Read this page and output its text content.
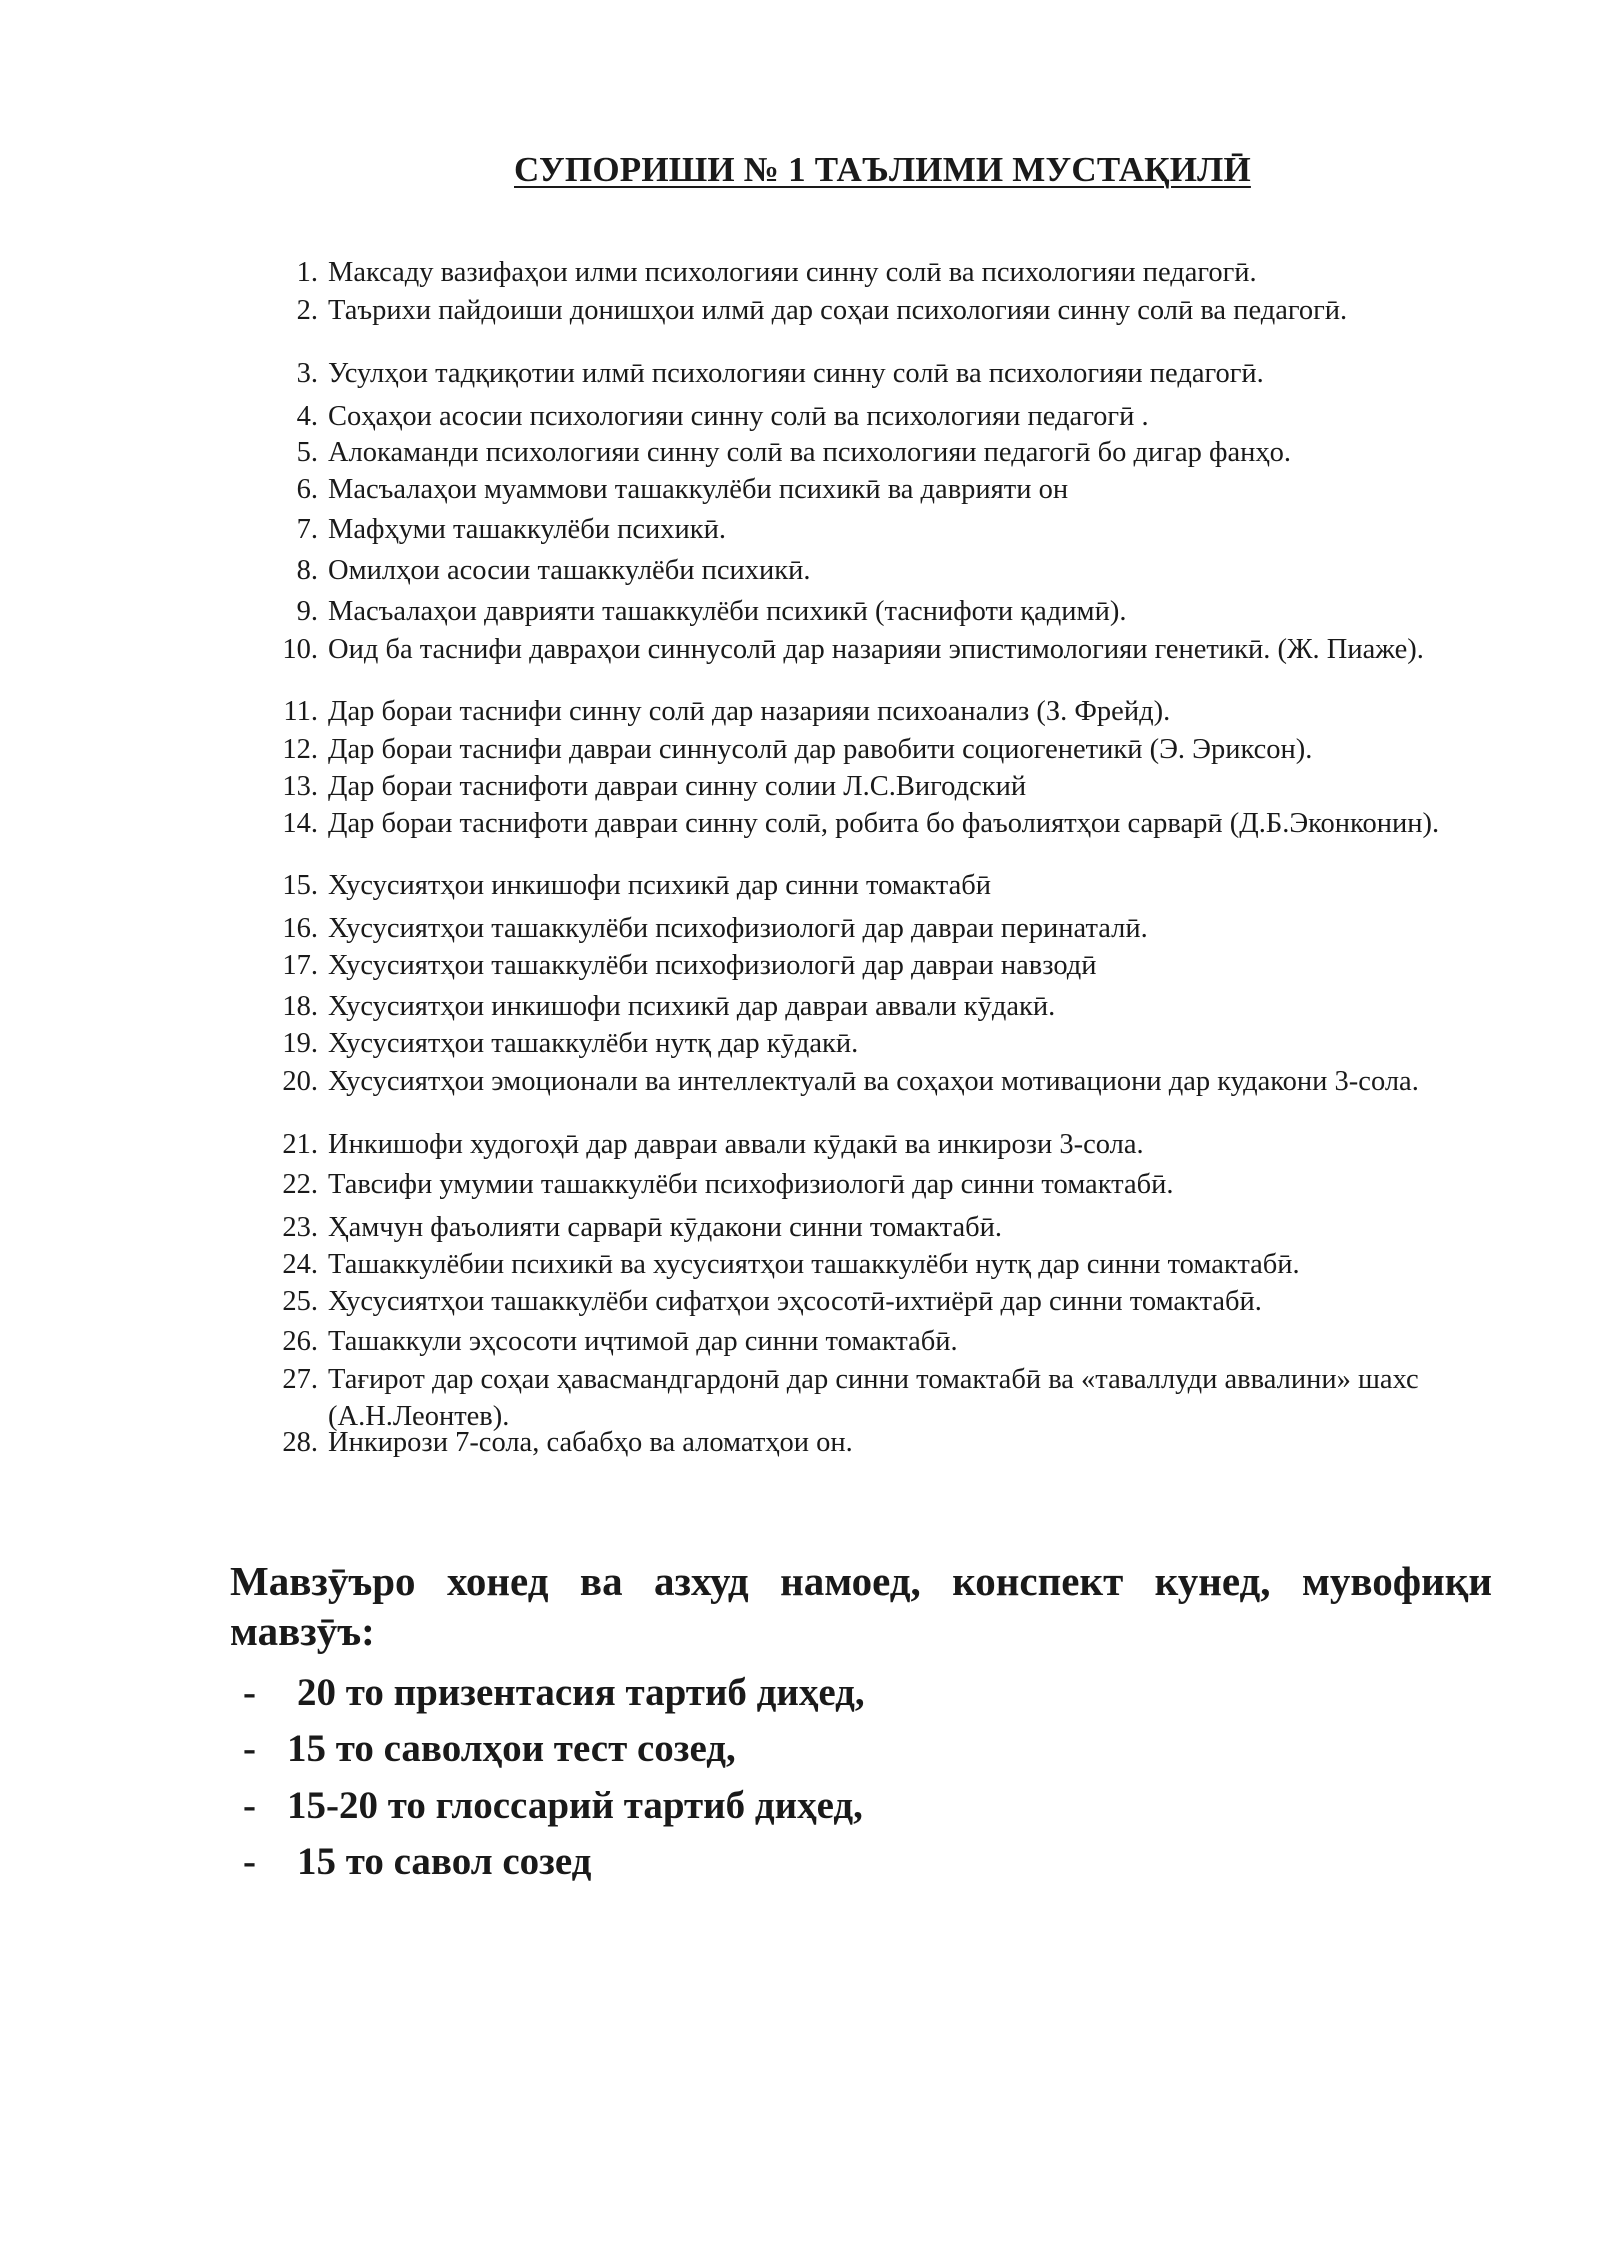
СУПОРИШИ № 1 ТАЪЛИМИ МУСТАҚИЛӢ
1. Максаду вазифаҳои илми психологияи синну солӣ ва психологияи педагогӣ.
2. Таърихи пайдоиши донишҳои илмӣ дар соҳаи психологияи синну солӣ ва педагогӣ.
3. Усулҳои тадқиқотии илмӣ психологияи синну солӣ ва психологияи педагогӣ.
4. Соҳаҳои асосии психологияи синну солӣ ва психологияи педагогӣ .
5. Алокаманди психологияи синну солӣ ва психологияи педагогӣ бо дигар фанҳо.
6. Масъалаҳои муаммови ташаккулёби психикӣ ва даврияти он
7. Мафҳуми ташаккулёби психикӣ.
8. Омилҳои асосии ташаккулёби психикӣ.
9. Масъалаҳои даврияти ташаккулёби психикӣ (таснифоти қадимӣ).
10. Оид ба таснифи давраҳои синнусолӣ дар назарияи эпистимологияи генетикӣ. (Ж. Пиаже).
11. Дар бораи таснифи синну солӣ дар назарияи психоанализ (З. Фрейд).
12. Дар бораи таснифи давраи синнусолӣ дар равобити социогенетикӣ (Э. Эриксон).
13. Дар бораи таснифоти давраи синну солии Л.С.Вигодский
14. Дар бораи таснифоти давраи синну солӣ, робита бо фаъолиятҳои сарварӣ (Д.Б.Эконконин).
15. Хусусиятҳои инкишофи психикӣ дар синни томактабӣ
16. Хусусиятҳои ташаккулёби психофизиологӣ дар давраи перинаталӣ.
17. Хусусиятҳои ташаккулёби психофизиологӣ дар давраи навзодӣ
18. Хусусиятҳои инкишофи психикӣ дар давраи аввали кӯдакӣ.
19. Хусусиятҳои ташаккулёби нутқ дар кӯдакӣ.
20. Хусусиятҳои эмоционали ва интеллектуалӣ ва соҳаҳои мотивациони дар кудакони 3-сола.
21. Инкишофи худогоҳӣ дар давраи аввали кӯдакӣ ва инкирози 3-сола.
22. Тавсифи умумии ташаккулёби психофизиологӣ дар синни томактабӣ.
23. Ҳамчун фаъолияти сарварӣ кӯдакони синни томактабӣ.
24. Ташаккулёбии психикӣ ва хусусиятҳои ташаккулёби нутқ дар синни томактабӣ.
25. Хусусиятҳои ташаккулёби сифатҳои эҳсосотӣ-ихтиёрӣ дар синни томактабӣ.
26. Ташаккули эҳсосоти иҷтимоӣ дар синни томактабӣ.
27. Тағирот дар соҳаи ҳавасмандгардонӣ дар синни томактабӣ ва «таваллуди аввалини» шахс (А.Н.Леонтев).
28. Инкирози 7-сола, сабабҳо ва аломатҳои он.
Мавзӯъро хонед ва азхуд намоед, конспект кунед, мувофиқи мавзӯъ:
- 20 то призентасия тартиб диҳед,
- 15 то саволҳои тест созед,
- 15-20 то глоссарий тартиб диҳед,
- 15 то савол созед
